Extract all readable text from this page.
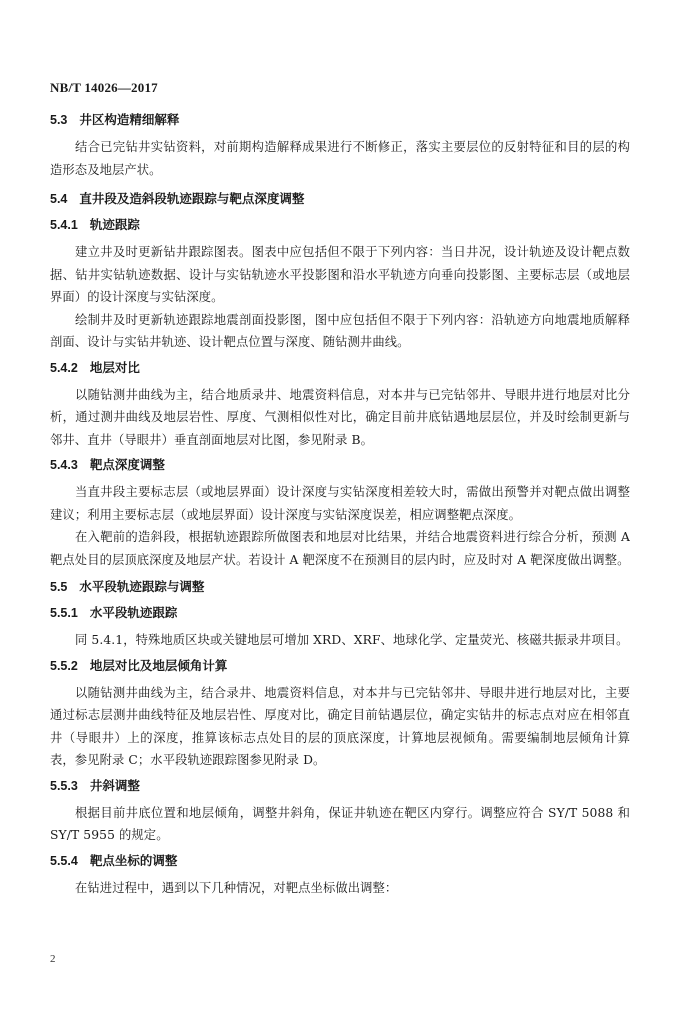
NB/T 14026—2017
5.3 井区构造精细解释

结合已完钻井实钻资料，对前期构造解释成果进行不断修正，落实主要层位的反射特征和目的层的构造形态及地层产状。

5.4 直井段及造斜段轨迹跟踪与靶点深度调整
5.4.1 轨迹跟踪

建立井及时更新钻井跟踪图表。图表中应包括但不限于下列内容：当日井况，设计轨迹及设计靶点数据、钻井实钻轨迹数据、设计与实钻轨迹水平投影图和沿水平轨迹方向垂向投影图、主要标志层（或地层界面）的设计深度与实钻深度。

绘制井及时更新轨迹跟踪地震剖面投影图，图中应包括但不限于下列内容：沿轨迹方向地震地质解释剖面、设计与实钻井轨迹、设计靶点位置与深度、随钻测井曲线。

5.4.2 地层对比

以随钻测井曲线为主，结合地质录井、地震资料信息，对本井与已完钻邻井、导眼井进行地层对比分析，通过测井曲线及地层岩性、厚度、气测相似性对比，确定目前井底钻遇地层层位，并及时绘制更新与邻井、直井（导眼井）垂直剖面地层对比图，参见附录 B。

5.4.3 靶点深度调整

当直井段主要标志层（或地层界面）设计深度与实钻深度相差较大时，需做出预警并对靶点做出调整建议；利用主要标志层（或地层界面）设计深度与实钻深度误差，相应调整靶点深度。

在入靶前的造斜段，根据轨迹跟踪所做图表和地层对比结果，并结合地震资料进行综合分析，预测 A 靶点处目的层顶底深度及地层产状。若设计 A 靶深度不在预测目的层内时，应及时对 A 靶深度做出调整。

5.5 水平段轨迹跟踪与调整
5.5.1 水平段轨迹跟踪

同 5.4.1，特殊地质区块或关键地层可增加 XRD、XRF、地球化学、定量荧光、核磁共振录井项目。

5.5.2 地层对比及地层倾角计算

以随钻测井曲线为主，结合录井、地震资料信息，对本井与已完钻邻井、导眼井进行地层对比，主要通过标志层测井曲线特征及地层岩性、厚度对比，确定目前钻遇层位，确定实钻井的标志点对应在相邻直井（导眼井）上的深度，推算该标志点处目的层的顶底深度，计算地层视倾角。需要编制地层倾角计算表，参见附录 C；水平段轨迹跟踪图参见附录 D。

5.5.3 井斜调整

根据目前井底位置和地层倾角，调整井斜角，保证井轨迹在靶区内穿行。调整应符合 SY/T 5088 和 SY/T 5955 的规定。

5.5.4 靶点坐标的调整

在钻进过程中，遇到以下几种情况，对靶点坐标做出调整：

2
